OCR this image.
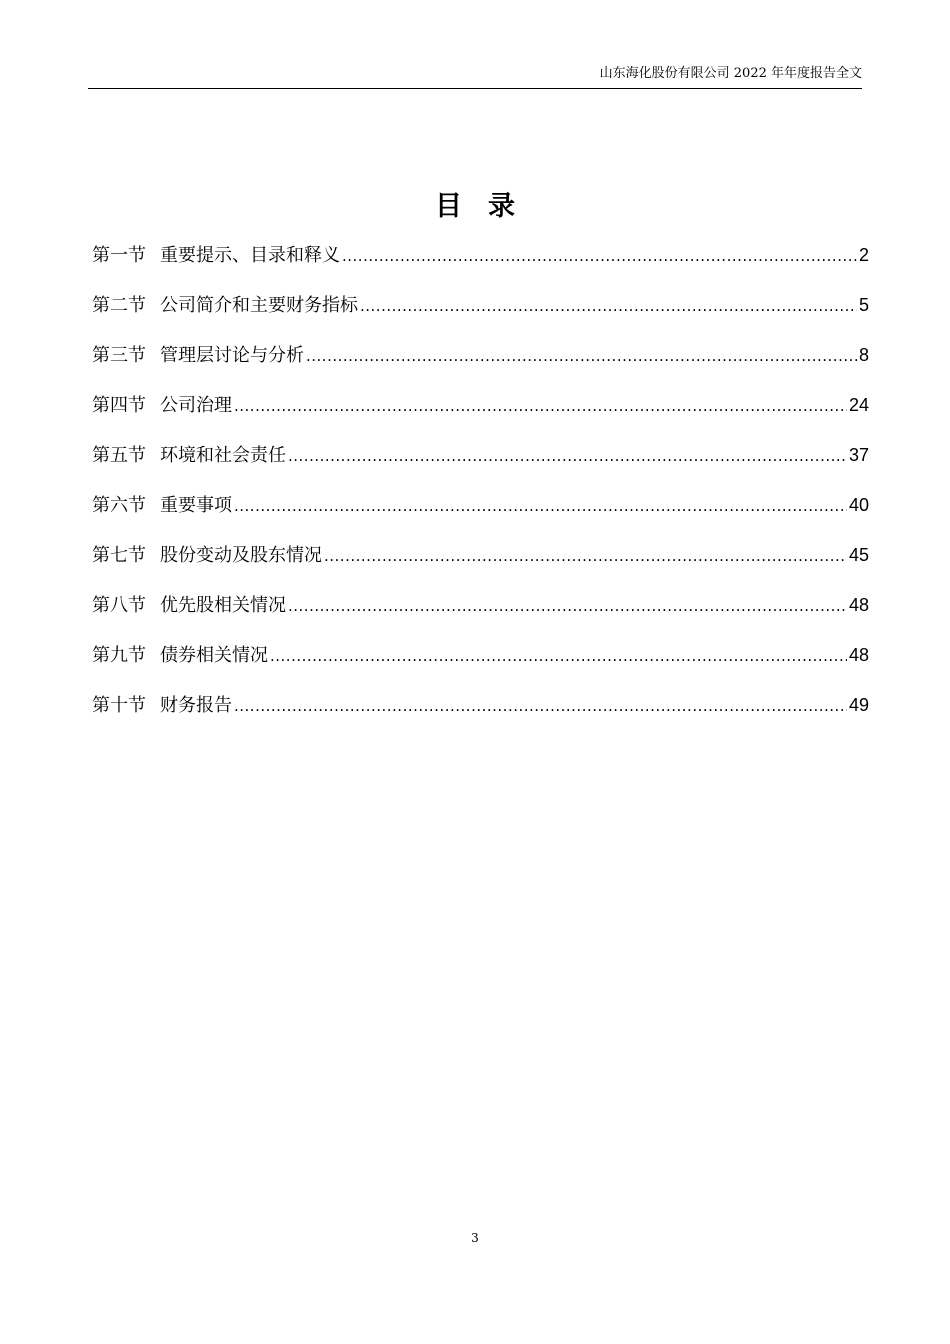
山东海化股份有限公司 2022 年年度报告全文
目录
第一节 重要提示、目录和释义 .....	2
第二节 公司简介和主要财务指标 .....	5
第三节 管理层讨论与分析 .....	8
第四节 公司治理 .....	24
第五节 环境和社会责任 .....	37
第六节 重要事项 .....	40
第七节 股份变动及股东情况 .....	45
第八节 优先股相关情况 .....	48
第九节 债券相关情况 .....	48
第十节 财务报告 .....	49
3
